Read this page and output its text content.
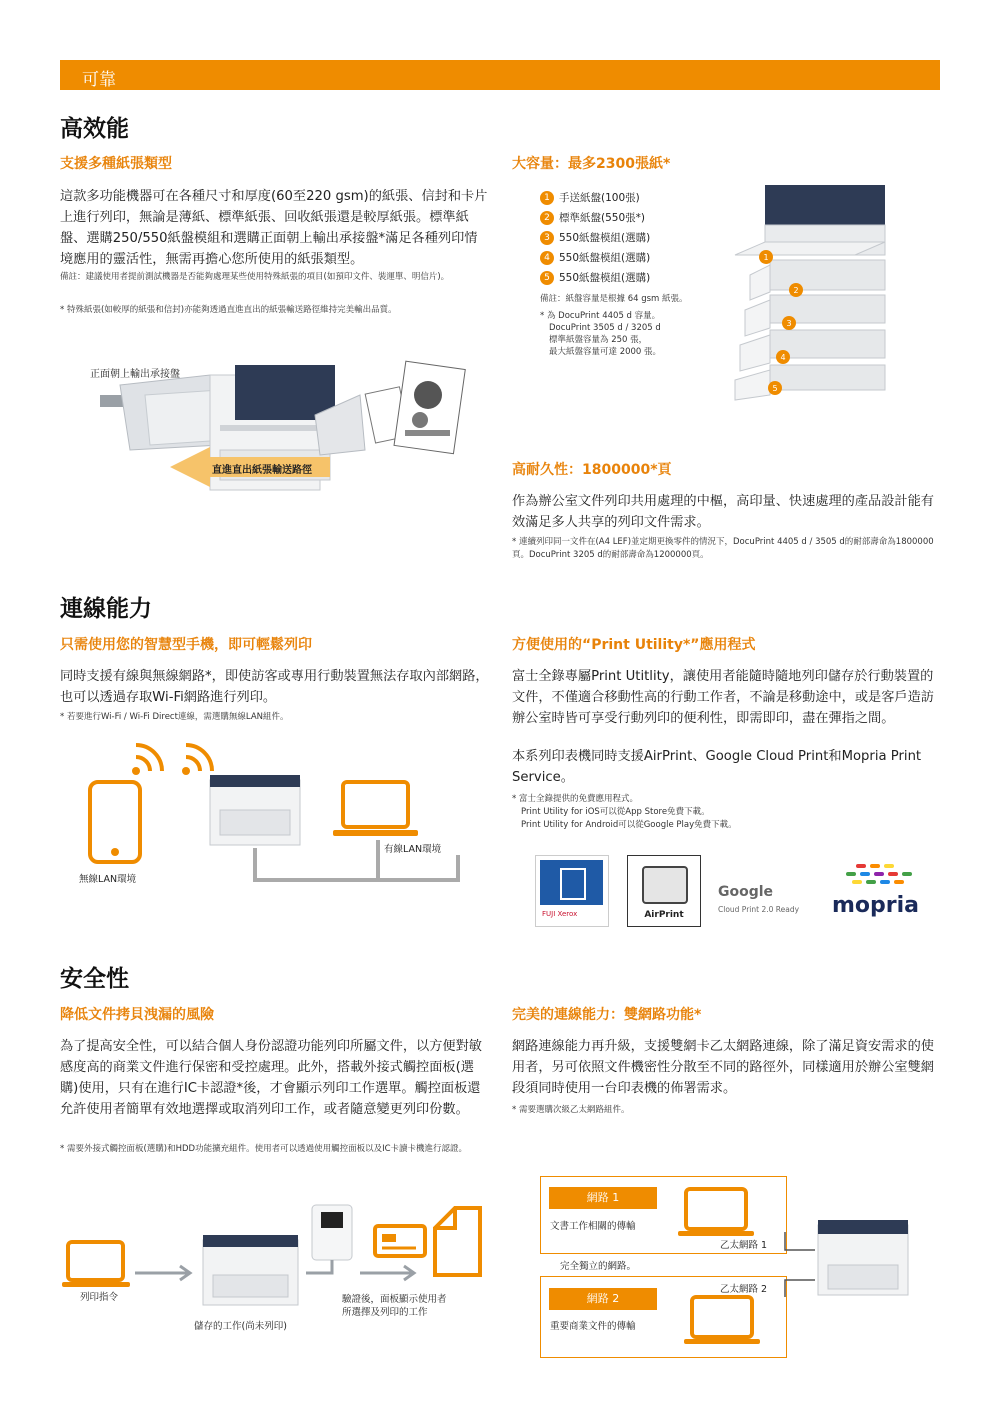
可靠
高效能
支援多種紙張類型
這款多功能機器可在各種尺寸和厚度(60至220 gsm)的紙張、信封和卡片上進行列印，無論是薄紙、標準紙張、回收紙張還是較厚紙張。標準紙盤、選購250/550紙盤模組和選購正面朝上輸出承接盤*滿足各種列印情境應用的靈活性，無需再擔心您所使用的紙張類型。
備註：建議使用者提前測試機器是否能夠處理某些使用特殊紙張的項目(如預印文件、裝運單、明信片)。
* 特殊紙張(如較厚的紙張和信封)亦能夠透過直進直出的紙張輸送路徑維持完美輸出品質。
正面朝上輸出承接盤
直進直出紙張輸送路徑
大容量：最多2300張紙*
1 手送紙盤(100張)
2 標準紙盤(550張*)
3 550紙盤模組(選購)
4 550紙盤模組(選購)
5 550紙盤模組(選購)
備註：紙盤容量是根據 64 gsm 紙張。
* 為 DocuPrint 4405 d 容量。
DocuPrint 3505 d / 3205 d
標準紙盤容量為 250 張，
最大紙盤容量可達 2000 張。
1
2
3
4
5
高耐久性：1800000*頁
作為辦公室文件列印共用處理的中樞，高印量、快速處理的產品設計能有效滿足多人共享的列印文件需求。
* 連續列印同一文件在(A4 LEF)並定期更換零件的情況下，DocuPrint 4405 d / 3505 d的耐部壽命為1800000頁。DocuPrint 3205 d的耐部壽命為1200000頁。
連線能力
只需使用您的智慧型手機，即可輕鬆列印
同時支援有線與無線網路*，即使訪客或專用行動裝置無法存取內部網路，也可以透過存取Wi-Fi網路進行列印。
* 若要進行Wi-Fi / Wi-Fi Direct連線，需選購無線LAN組件。
有線LAN環境
無線LAN環境
方便使用的“Print Utility*”應用程式
富士全錄專屬Print Utitlity，讓使用者能隨時隨地列印儲存於行動裝置的文件，不僅適合移動性高的行動工作者，不論是移動途中，或是客戶造訪辦公室時皆可享受行動列印的便利性，即需即印，盡在彈指之間。
本系列印表機同時支援AirPrint、Google Cloud Print和Mopria Print Service。
* 富士全錄提供的免費應用程式。
Print Utility for iOS可以從App Store免費下載。
Print Utility for Android可以從Google Play免費下載。
FUJI Xerox	AirPrint
Google
Cloud Print 2.0 Ready mopria
安全性
降低文件拷貝洩漏的風險
為了提高安全性，可以結合個人身份認證功能列印所屬文件，以方便對敏感度高的商業文件進行保密和受控處理。此外，搭載外接式觸控面板(選購)使用，只有在進行IC卡認證*後，才會顯示列印工作選單。觸控面板還允許使用者簡單有效地選擇或取消列印工作，或者隨意變更列印份數。
* 需要外接式觸控面板(選購)和HDD功能擴充組件。使用者可以透過使用觸控面板以及IC卡讀卡機進行認證。
列印指令	驗證後，面板顯示使用者
所選擇及列印的工作
儲存的工作(尚未列印)
完美的連線能力：雙網路功能*
網路連線能力再升級，支援雙網卡乙太網路連線，除了滿足資安需求的使用者，另可依照文件機密性分散至不同的路徑外，同樣適用於辦公室雙網段須同時使用一台印表機的佈署需求。
* 需要選購次級乙太網路組件。
網路 1
文書工作相關的傳輸
乙太網路 1
完全獨立的網路。
網路 2
重要商業文件的傳輸
乙太網路 2
